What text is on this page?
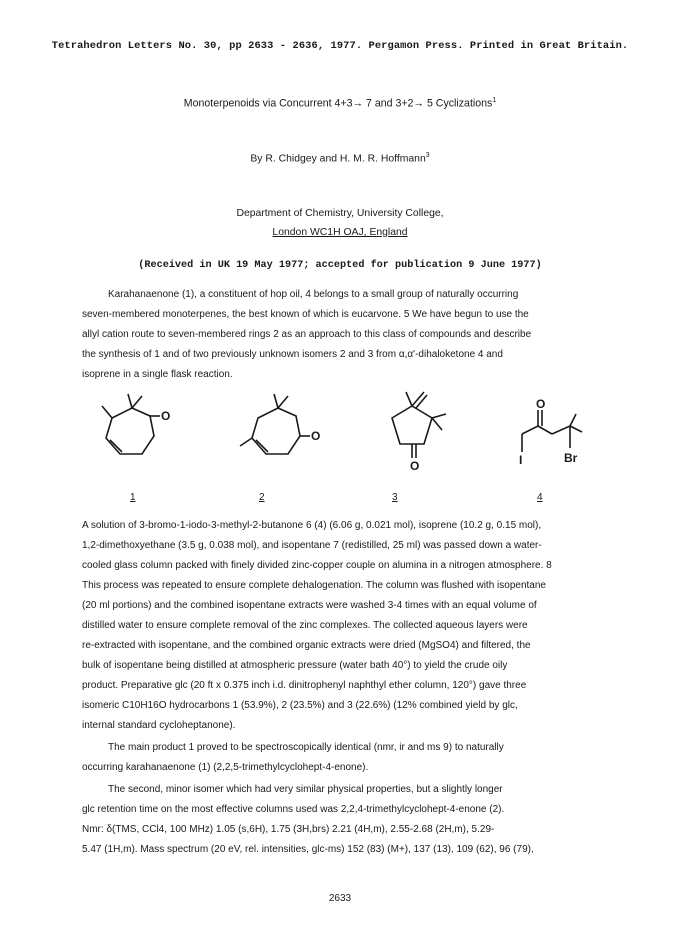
Tetrahedron Letters No. 30, pp 2633 - 2636, 1977. Pergamon Press. Printed in Great Britain.
Monoterpenoids via Concurrent 4+3→ 7 and 3+2→ 5 Cyclizations$^1$
By R. Chidgey and H. M. R. Hoffmann$^3$
Department of Chemistry, University College,
London WC1H OAJ, England
(Received in UK 19 May 1977; accepted for publication 9 June 1977)
Karahanaenone (1), a constituent of hop oil, 4 belongs to a small group of naturally occurring
seven-membered monoterpenes, the best known of which is eucarvone. 5 We have begun to use the
allyl cation route to seven-membered rings 2 as an approach to this class of compounds and describe
the synthesis of 1 and of two previously unknown isomers 2 and 3 from α,α'-dihaloketone 4 and
isoprene in a single flask reaction.
O
O
O
O
I	Br
1	2	3	4
A solution of 3-bromo-1-iodo-3-methyl-2-butanone 6 (4) (6.06 g, 0.021 mol), isoprene (10.2 g, 0.15 mol),
1,2-dimethoxyethane (3.5 g, 0.038 mol), and isopentane 7 (redistilled, 25 ml) was passed down a water-
cooled glass column packed with finely divided zinc-copper couple on alumina in a nitrogen atmosphere. 8
This process was repeated to ensure complete dehalogenation. The column was flushed with isopentane
(20 ml portions) and the combined isopentane extracts were washed 3-4 times with an equal volume of
distilled water to ensure complete removal of the zinc complexes. The collected aqueous layers were
re-extracted with isopentane, and the combined organic extracts were dried (MgSO4) and filtered, the
bulk of isopentane being distilled at atmospheric pressure (water bath 40°) to yield the crude oily
product. Preparative glc (20 ft x 0.375 inch i.d. dinitrophenyl naphthyl ether column, 120°) gave three
isomeric C10H16O hydrocarbons 1 (53.9%), 2 (23.5%) and 3 (22.6%) (12% combined yield by glc,
internal standard cycloheptanone).
The main product 1 proved to be spectroscopically identical (nmr, ir and ms 9) to naturally
occurring karahanaenone (1) (2,2,5-trimethylcyclohept-4-enone).
The second, minor isomer which had very similar physical properties, but a slightly longer
glc retention time on the most effective columns used was 2,2,4-trimethylcyclohept-4-enone (2).
Nmr: δ(TMS, CCl4, 100 MHz) 1.05 (s,6H), 1.75 (3H,brs) 2.21 (4H,m), 2.55-2.68 (2H,m), 5.29-
5.47 (1H,m). Mass spectrum (20 eV, rel. intensities, glc-ms) 152 (83) (M+), 137 (13), 109 (62), 96 (79),
2633
